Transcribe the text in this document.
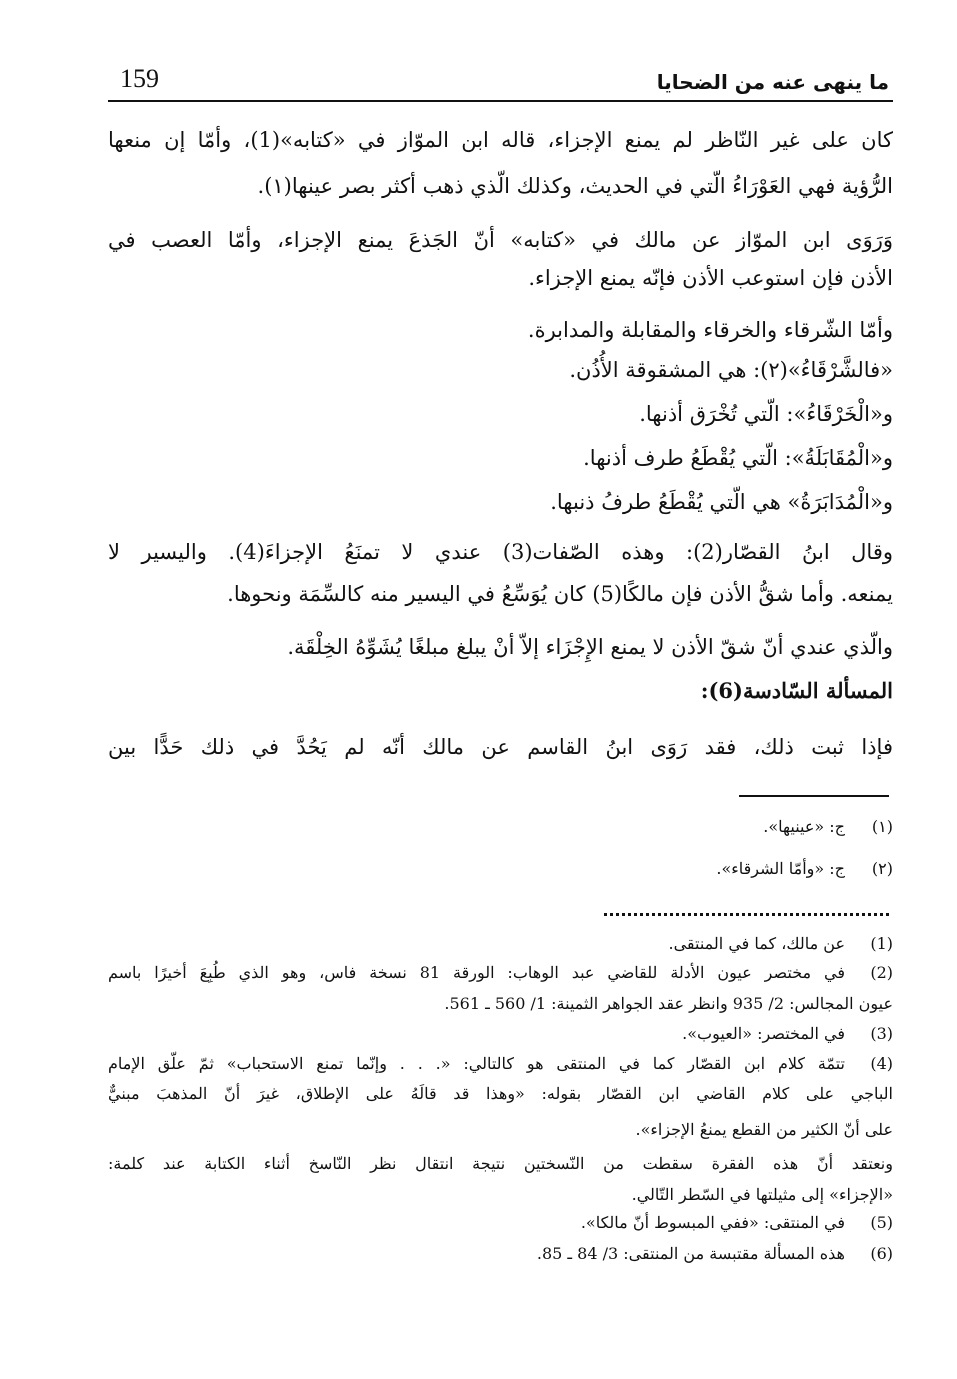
ما ينهى عنه من الضحايا
159
كان على غير النّاظر لم يمنع الإجزاء، قاله ابن الموّاز في «كتابه»(1)، وأمّا إن منعها
الرُّؤية فهي العَوْرَاءُ الّتي في الحديث، وكذلك الّذي ذهب أكثر بصر عينها(١).
وَرَوَى ابن الموّاز عن مالك في «كتابه» أنّ الجَذعَ يمنع الإجزاء، وأمّا العصب في
الأذن فإن استوعب الأذن فإنّه يمنع الإجزاء.
وأمّا الشّرقاء والخرقاء والمقابلة والمدابرة.
«فالشَّرْقَاءُ»(٢): هي المشقوقة الأُذُن.
و«الْخَرْقَاءُ»: الّتي تُخْرَق أذنها.
و«الْمُقَابَلَةُ»: الّتي يُقْطَعُ طرف أذنها.
و«الْمُدَابَرَةُ» هي الّتي يُقْطَعُ طرفُ ذنبها.
وقال ابنُ القصّار(2): وهذه الصّفات(3) عندي لا تمنَعُ الإجزاءَ(4). واليسير لا
يمنعه. وأما شقُّ الأذن فإن مالكًا(5) كان يُوَسِّعُ في اليسير منه كالسِّمَة ونحوها.
والّذي عندي أنّ شقّ الأذن لا يمنع الإِجْزَاء إلاّ أنْ يبلغ مبلغًا يُشَوِّهُ الخِلْقَة.
المسألة السّادسة(6):
فإذا ثبت ذلك، فقد رَوَى ابنُ القاسم عن مالك أنّه لم يَحُدَّ في ذلك حَدًّا بين
(١)
ج: «عينيها».
(٢)
ج: «وأمّا الشرقاء».
(1)
عن مالك، كما في المنتقى.
(2)
في مختصر عيون الأدلة للقاضي عبد الوهاب: الورقة 81 نسخة فاس، وهو الذي طُبِعَ أخيرًا باسم
عيون المجالس: 2/ 935 وانظر عقد الجواهر الثمينة: 1/ 560 ـ 561.
(3)
في المختصر: «العيوب».
(4)
تتمّة كلام ابن القصّار كما في المنتقى هو كالتالي: «. . . وإنّما تمنع الاستحباب» ثمّ علّق الإمام
الباجي على كلام القاضي ابن القصّار بقوله: «وهذا قد قالَهُ على الإطلاق، غيرَ أنّ المذهبَ مبنيٌّ
على أنّ الكثير من القطع يمنعُ الإجزاء».
ونعتقد أنّ هذه الفقرة سقطت من النّسختين نتيجة انتقال نظر النّاسخ أثناء الكتابة عند كلمة:
«الإجزاء» إلى مثيلتها في السّطر التّالي.
(5)
في المنتقى: «ففي المبسوط أنّ مالكا».
(6)
هذه المسألة مقتبسة من المنتقى: 3/ 84 ـ 85.
